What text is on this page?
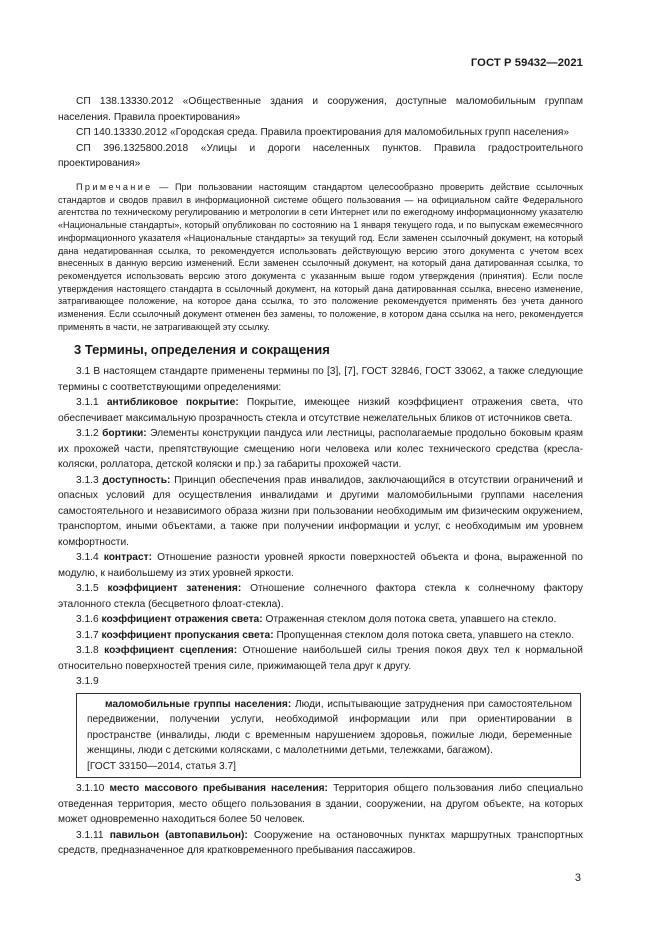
ГОСТ Р 59432—2021

СП 138.13330.2012 «Общественные здания и сооружения, доступные маломобильным группам населения. Правила проектирования»

СП 140.13330.2012 «Городская среда. Правила проектирования для маломобильных групп населения»

СП 396.1325800.2018 «Улицы и дороги населенных пунктов. Правила градостроительного проектирования»

Примечание — При пользовании настоящим стандартом целесообразно проверить действие ссылочных стандартов и сводов правил в информационной системе общего пользования — на официальном сайте Федерального агентства по техническому регулированию и метрологии в сети Интернет или по ежегодному информационному указателю «Национальные стандарты», который опубликован по состоянию на 1 января текущего года, и по выпускам ежемесячного информационного указателя «Национальные стандарты» за текущий год. Если заменен ссылочный документ, на который дана недатированная ссылка, то рекомендуется использовать действующую версию этого документа с учетом всех внесенных в данную версию изменений. Если заменен ссылочный документ, на который дана датированная ссылка, то рекомендуется использовать версию этого документа с указанным выше годом утверждения (принятия). Если после утверждения настоящего стандарта в ссылочный документ, на который дана датированная ссылка, внесено изменение, затрагивающее положение, на которое дана ссылка, то это положение рекомендуется применять без учета данного изменения. Если ссылочный документ отменен без замены, то положение, в котором дана ссылка на него, рекомендуется применять в части, не затрагивающей эту ссылку.

3 Термины, определения и сокращения

3.1 В настоящем стандарте применены термины по [3], [7], ГОСТ 32846, ГОСТ 33062, а также следующие термины с соответствующими определениями:

3.1.1 антибликовое покрытие: Покрытие, имеющее низкий коэффициент отражения света, что обеспечивает максимальную прозрачность стекла и отсутствие нежелательных бликов от источников света.

3.1.2 бортики: Элементы конструкции пандуса или лестницы, располагаемые продольно боковым краям их прохожей части, препятствующие смещению ноги человека или колес технического средства (кресла-коляски, роллатора, детской коляски и пр.) за габариты прохожей части.

3.1.3 доступность: Принцип обеспечения прав инвалидов, заключающийся в отсутствии ограничений и опасных условий для осуществления инвалидами и другими маломобильными группами населения самостоятельного и независимого образа жизни при пользовании необходимым им физическим окружением, транспортом, иными объектами, а также при получении информации и услуг, с необходимым им уровнем комфортности.

3.1.4 контраст: Отношение разности уровней яркости поверхностей объекта и фона, выраженной по модулю, к наибольшему из этих уровней яркости.

3.1.5 коэффициент затенения: Отношение солнечного фактора стекла к солнечному фактору эталонного стекла (бесцветного флоат-стекла).

3.1.6 коэффициент отражения света: Отраженная стеклом доля потока света, упавшего на стекло.

3.1.7 коэффициент пропускания света: Пропущенная стеклом доля потока света, упавшего на стекло.

3.1.8 коэффициент сцепления: Отношение наибольшей силы трения покоя двух тел к нормальной относительно поверхностей трения силе, прижимающей тела друг к другу.

3.1.9

маломобильные группы населения: Люди, испытывающие затруднения при самостоятельном передвижении, получении услуги, необходимой информации или при ориентировании в пространстве (инвалиды, люди с временным нарушением здоровья, пожилые люди, беременные женщины, люди с детскими колясками, с малолетними детьми, тележками, багажом).
[ГОСТ 33150—2014, статья 3.7]

3.1.10 место массового пребывания населения: Территория общего пользования либо специально отведенная территория, место общего пользования в здании, сооружении, на другом объекте, на которых может одновременно находиться более 50 человек.

3.1.11 павильон (автопавильон): Сооружение на остановочных пунктах маршрутных транспортных средств, предназначенное для кратковременного пребывания пассажиров.

3
